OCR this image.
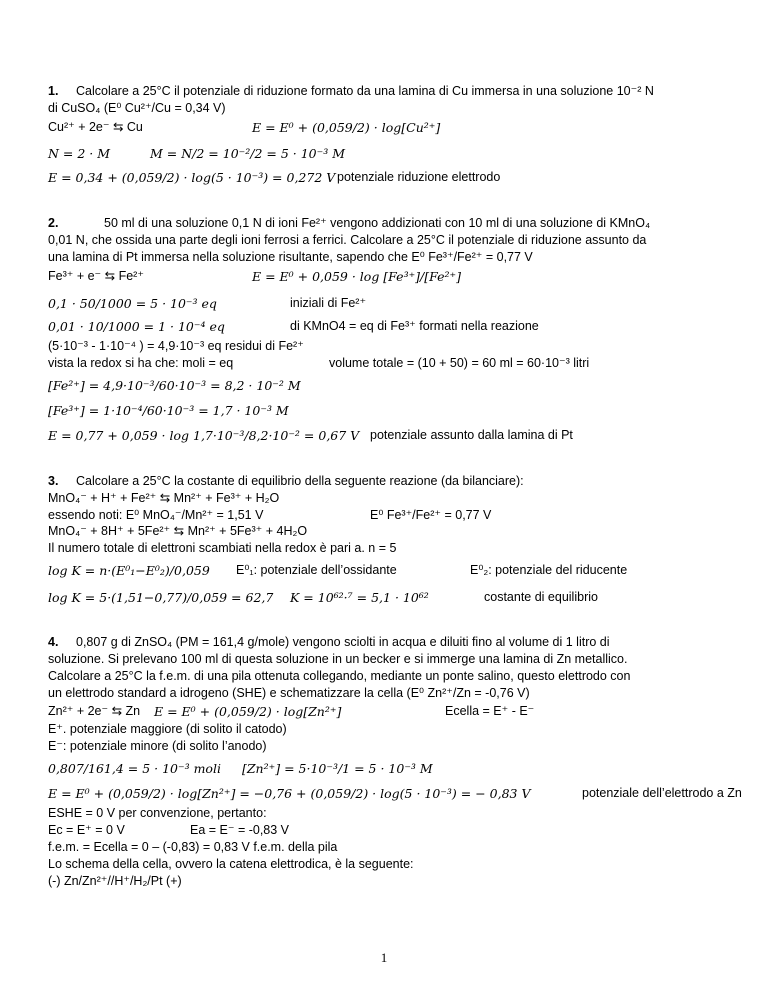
1. Calcolare a 25°C il potenziale di riduzione formato da una lamina di Cu immersa in una soluzione 10⁻² N
di CuSO₄ (E⁰ Cu²⁺/Cu = 0,34 V)
Cu²⁺ + 2e⁻ ⇆ Cu	E = E⁰ + (0,059/2) · log[Cu²⁺]
N = 2 · M	M = N/2 = 10⁻²/2 = 5 · 10⁻³ M
E = 0,34 + (0,059/2) · log(5 · 10⁻³) = 0,272 V potenziale riduzione elettrodo
2.	50 ml di una soluzione 0,1 N di ioni Fe²⁺ vengono addizionati con 10 ml di una soluzione di KMnO₄
0,01 N, che ossida una parte degli ioni ferrosi a ferrici. Calcolare a 25°C il potenziale di riduzione assunto da
una lamina di Pt immersa nella soluzione risultante, sapendo che E⁰ Fe³⁺/Fe²⁺ = 0,77 V
Fe³⁺ + e⁻ ⇆ Fe²⁺	E = E⁰ + 0,059 · log [Fe³⁺]/[Fe²⁺]
0,1 · 50/1000 = 5 · 10⁻³ eq	iniziali di Fe²⁺
0,01 · 10/1000 = 1 · 10⁻⁴ eq	di KMnO4 = eq di Fe³⁺ formati nella reazione
(5·10⁻³ - 1·10⁻⁴ ) = 4,9·10⁻³ eq residui di Fe²⁺
vista la redox si ha che: moli = eq	volume totale = (10 + 50) = 60 ml = 60·10⁻³ litri
[Fe²⁺] = 4,9·10⁻³/60·10⁻³ = 8,2 · 10⁻² M
[Fe³⁺] = 1·10⁻⁴/60·10⁻³ = 1,7 · 10⁻³ M
E = 0,77 + 0,059 · log 1,7·10⁻³/8,2·10⁻² = 0,67 V potenziale assunto dalla lamina di Pt
3. Calcolare a 25°C la costante di equilibrio della seguente reazione (da bilanciare):
MnO₄⁻ + H⁺ + Fe²⁺ ⇆ Mn²⁺ + Fe³⁺ + H₂O
essendo noti: E⁰ MnO₄⁻/Mn²⁺ = 1,51 V	E⁰ Fe³⁺/Fe²⁺ = 0,77 V
MnO₄⁻ + 8H⁺ + 5Fe²⁺ ⇆ Mn²⁺ + 5Fe³⁺ + 4H₂O
Il numero totale di elettroni scambiati nella redox è pari a. n = 5
log K = n·(E⁰₁−E⁰₂)/0,059 E⁰₁: potenziale dell’ossidante	E⁰₂: potenziale del riducente
log K = 5·(1,51−0,77)/0,059 = 62,7 K = 10⁶²·⁷ = 5,1 · 10⁶²	costante di equilibrio
4. 0,807 g di ZnSO₄ (PM = 161,4 g/mole) vengono sciolti in acqua e diluiti fino al volume di 1 litro di
soluzione. Si prelevano 100 ml di questa soluzione in un becker e si immerge una lamina di Zn metallico.
Calcolare a 25°C la f.e.m. di una pila ottenuta collegando, mediante un ponte salino, questo elettrodo con
un elettrodo standard a idrogeno (SHE) e schematizzare la cella (E⁰ Zn²⁺/Zn = -0,76 V)
Zn²⁺ + 2e⁻ ⇆ Zn E = E⁰ + (0,059/2) · log[Zn²⁺]	Ecella = E⁺ - E⁻
E⁺. potenziale maggiore (di solito il catodo)
E⁻: potenziale minore (di solito l’anodo)
0,807/161,4 = 5 · 10⁻³ moli [Zn²⁺] = 5·10⁻³/1 = 5 · 10⁻³ M
E = E⁰ + (0,059/2) · log[Zn²⁺] = −0,76 + (0,059/2) · log(5 · 10⁻³) = − 0,83 V	potenziale dell’elettrodo a Zn
ESHE = 0 V per convenzione, pertanto:
Ec = E⁺ = 0 V	Ea = E⁻ = -0,83 V
f.e.m. = Ecella = 0 – (-0,83) = 0,83 V f.e.m. della pila
Lo schema della cella, ovvero la catena elettrodica, è la seguente:
(-) Zn/Zn²⁺//H⁺/H₂/Pt (+)
1
